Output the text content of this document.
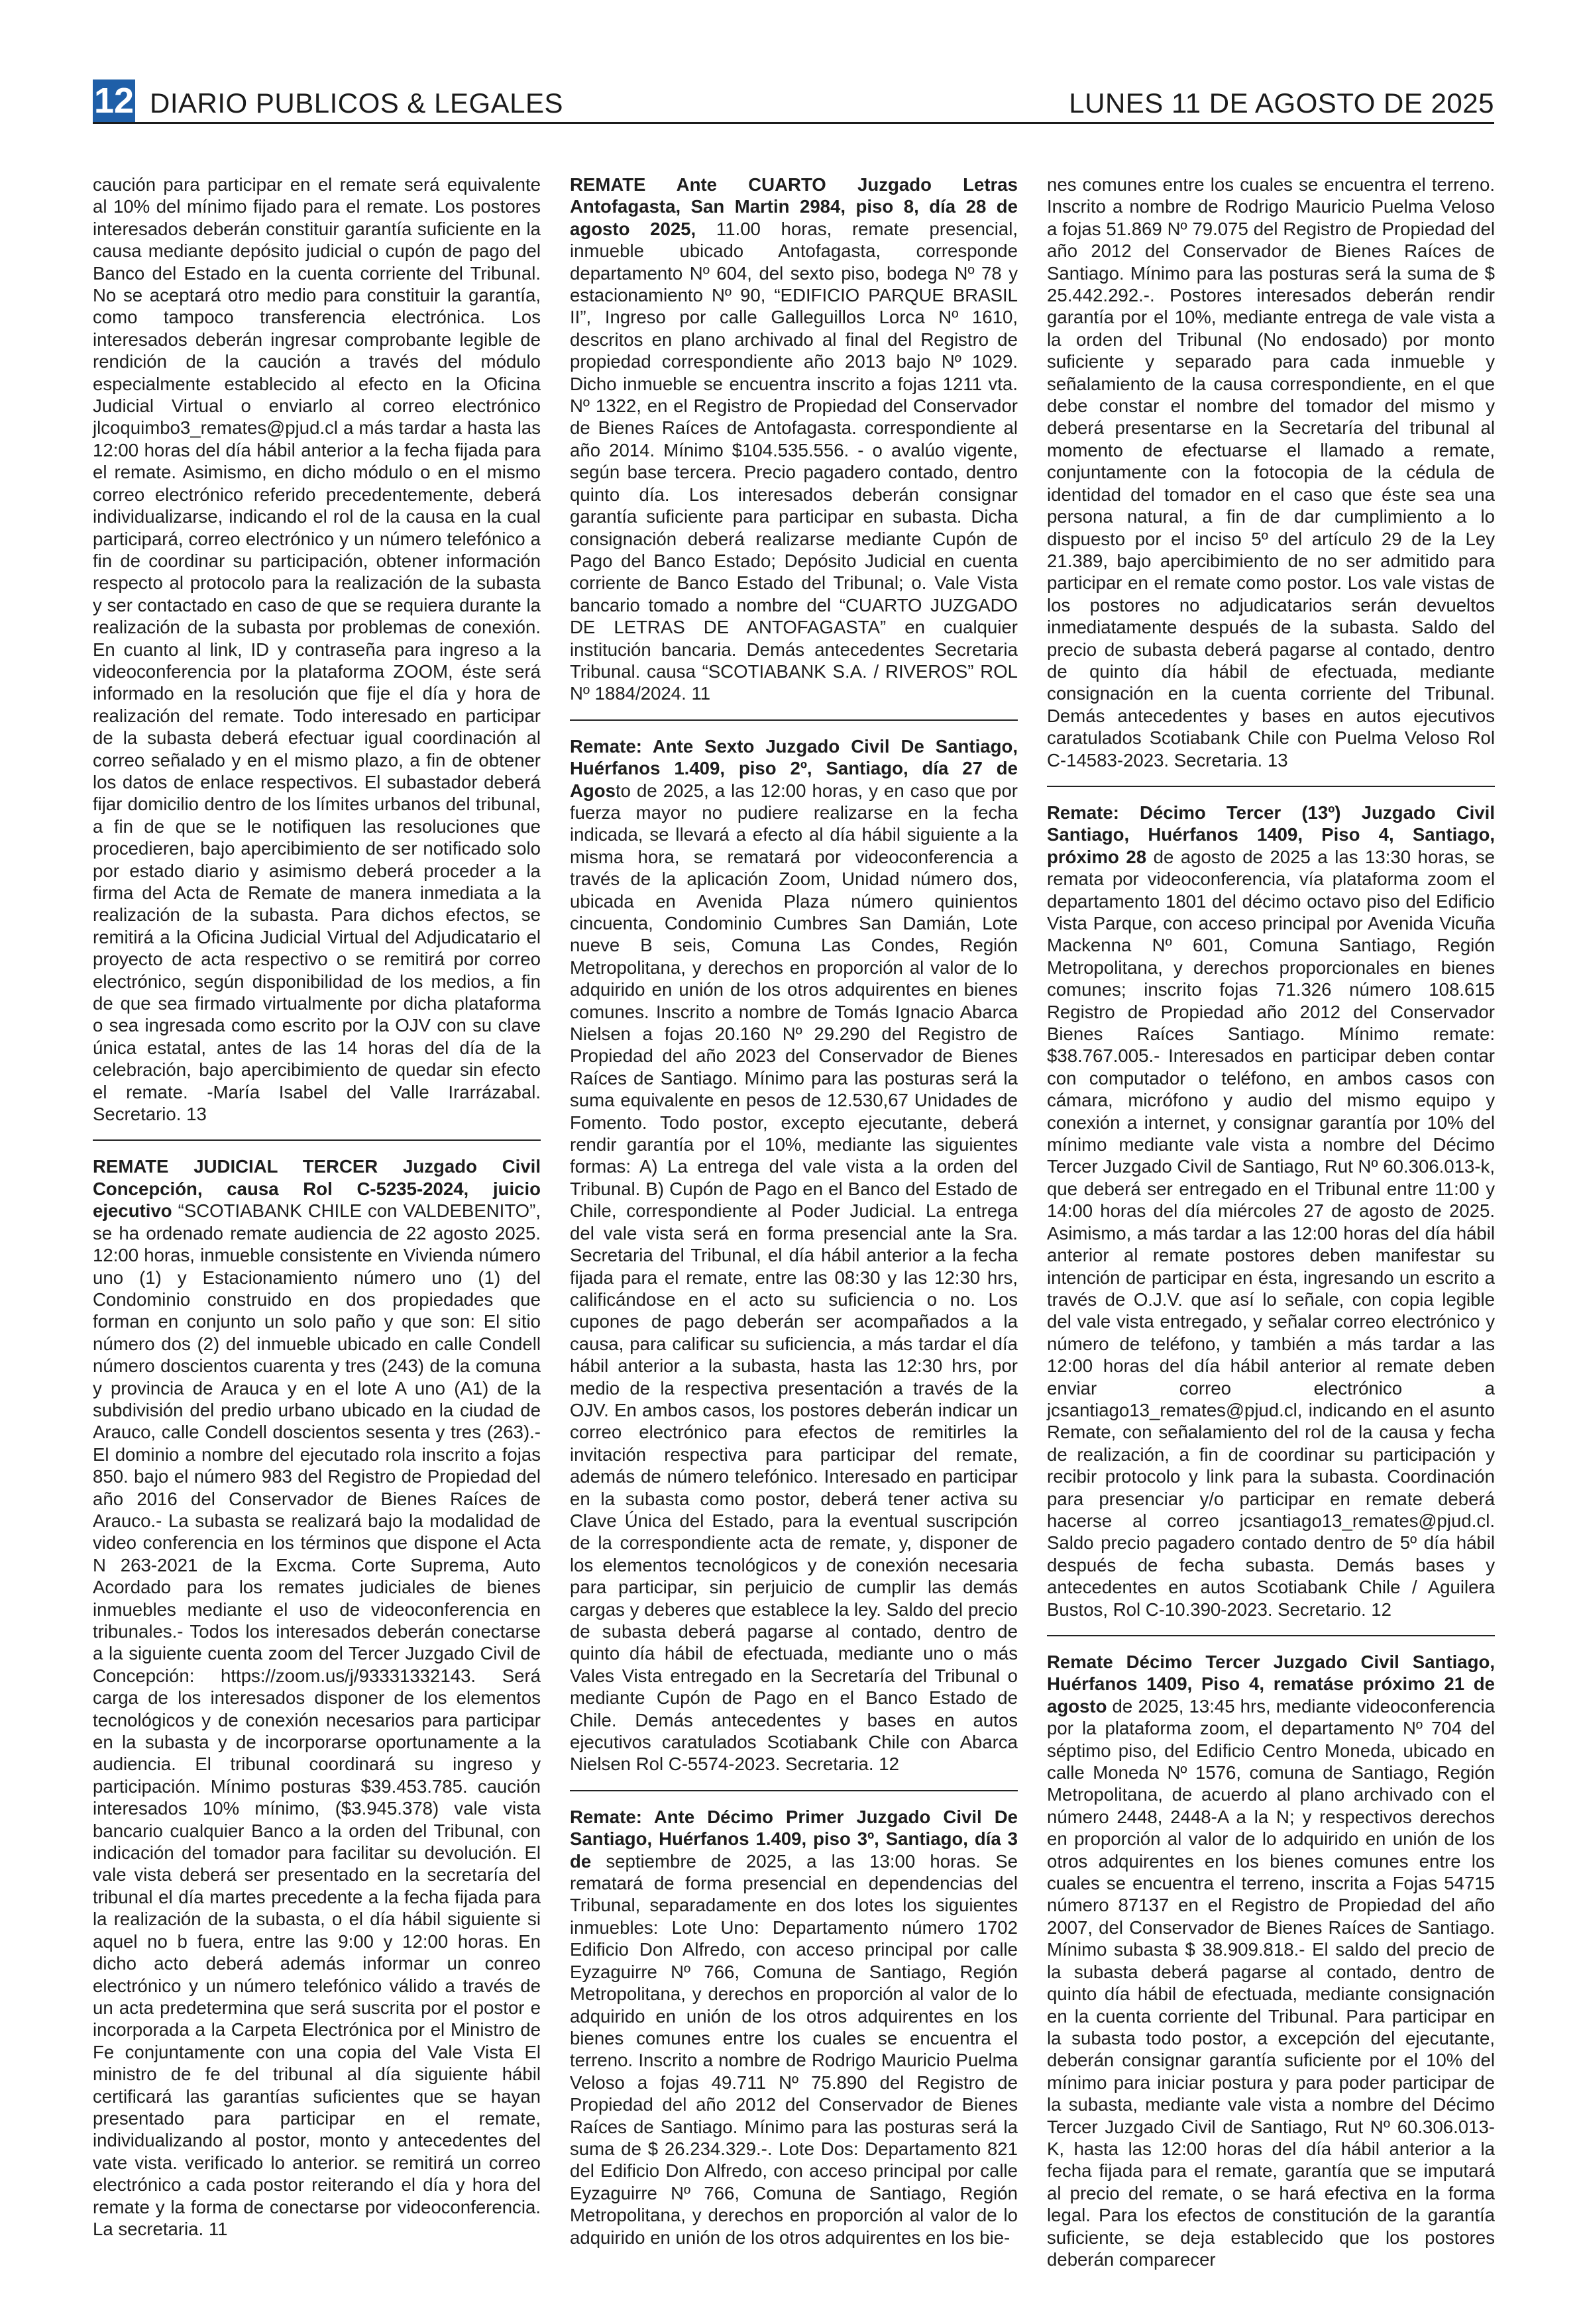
12 DIARIO PUBLICOS & LEGALES	LUNES 11 DE AGOSTO DE 2025

caución para participar en el remate será equivalente al 10% del mínimo fijado para el remate. Los postores interesados deberán constituir garantía suficiente en la causa mediante depósito judicial o cupón de pago del Banco del Estado en la cuenta corriente del Tribunal. No se aceptará otro medio para constituir la garantía, como tampoco transferencia electrónica. Los interesados deberán ingresar comprobante legible de rendición de la caución a través del módulo especialmente establecido al efecto en la Oficina Judicial Virtual o enviarlo al correo electrónico jlcoquimbo3_remates@pjud.cl a más tardar a hasta las 12:00 horas del día hábil anterior a la fecha fijada para el remate. Asimismo, en dicho módulo o en el mismo correo electrónico referido precedentemente, deberá individualizarse, indicando el rol de la causa en la cual participará, correo electrónico y un número telefónico a fin de coordinar su participación, obtener información respecto al protocolo para la realización de la subasta y ser contactado en caso de que se requiera durante la realización de la subasta por problemas de conexión. En cuanto al link, ID y contraseña para ingreso a la videoconferencia por la plataforma ZOOM, éste será informado en la resolución que fije el día y hora de realización del remate. Todo interesado en participar de la subasta deberá efectuar igual coordinación al correo señalado y en el mismo plazo, a fin de obtener los datos de enlace respectivos. El subastador deberá fijar domicilio dentro de los límites urbanos del tribunal, a fin de que se le notifiquen las resoluciones que procedieren, bajo apercibimiento de ser notificado solo por estado diario y asimismo deberá proceder a la firma del Acta de Remate de manera inmediata a la realización de la subasta. Para dichos efectos, se remitirá a la Oficina Judicial Virtual del Adjudicatario el proyecto de acta respectivo o se remitirá por correo electrónico, según disponibilidad de los medios, a fin de que sea firmado virtualmente por dicha plataforma o sea ingresada como escrito por la OJV con su clave única estatal, antes de las 14 horas del día de la celebración, bajo apercibimiento de quedar sin efecto el remate. -María Isabel del Valle Irarrázabal. Secretario. 13

REMATE JUDICIAL TERCER Juzgado Civil Concepción, causa Rol C-5235-2024, juicio ejecutivo “SCOTIABANK CHILE con VALDEBENITO”, se ha ordenado remate audiencia de 22 agosto 2025. 12:00 horas, inmueble consistente en Vivienda número uno (1) y Estacionamiento número uno (1) del Condominio construido en dos propiedades que forman en conjunto un solo paño y que son: El sitio número dos (2) del inmueble ubicado en calle Condell número doscientos cuarenta y tres (243) de la comuna y provincia de Arauca y en el lote A uno (A1) de la subdivisión del predio urbano ubicado en la ciudad de Arauco, calle Condell doscientos sesenta y tres (263).- El dominio a nombre del ejecutado rola inscrito a fojas 850. bajo el número 983 del Registro de Propiedad del año 2016 del Conservador de Bienes Raíces de Arauco.- La subasta se realizará bajo la modalidad de video conferencia en los términos que dispone el Acta N 263-2021 de la Excma. Corte Suprema, Auto Acordado para los remates judiciales de bienes inmuebles mediante el uso de videoconferencia en tribunales.- Todos los interesados deberán conectarse a la siguiente cuenta zoom del Tercer Juzgado Civil de Concepción: https://zoom.us/j/93331332143. Será carga de los interesados disponer de los elementos tecnológicos y de conexión necesarios para participar en la subasta y de incorporarse oportunamente a la audiencia. El tribunal coordinará su ingreso y participación. Mínimo posturas $39.453.785. caución interesados 10% mínimo, ($3.945.378) vale vista bancario cualquier Banco a la orden del Tribunal, con indicación del tomador para facilitar su devolución. El vale vista deberá ser presentado en la secretaría del tribunal el día martes precedente a la fecha fijada para la realización de la subasta, o el día hábil siguiente si aquel no b fuera, entre las 9:00 y 12:00 horas. En dicho acto deberá además informar un conreo electrónico y un número telefónico válido a través de un acta predetermina que será suscrita por el postor e incorporada a la Carpeta Electrónica por el Ministro de Fe conjuntamente con una copia del Vale Vista El ministro de fe del tribunal al día siguiente hábil certificará las garantías suficientes que se hayan presentado para participar en el remate, individualizando al postor, monto y antecedentes del vate vista. verificado lo anterior. se remitirá un correo electrónico a cada postor reiterando el día y hora del remate y la forma de conectarse por videoconferencia. La secretaria. 11

REMATE Ante CUARTO Juzgado Letras Antofagasta, San Martin 2984, piso 8, día 28 de agosto 2025, 11.00 horas, remate presencial, inmueble ubicado Antofagasta, corresponde departamento Nº 604, del sexto piso, bodega Nº 78 y estacionamiento Nº 90, “EDIFICIO PARQUE BRASIL II”, Ingreso por calle Galleguillos Lorca Nº 1610, descritos en plano archivado al final del Registro de propiedad correspondiente año 2013 bajo Nº 1029. Dicho inmueble se encuentra inscrito a fojas 1211 vta. Nº 1322, en el Registro de Propiedad del Conservador de Bienes Raíces de Antofagasta. correspondiente al año 2014. Mínimo $104.535.556. - o avalúo vigente, según base tercera. Precio pagadero contado, dentro quinto día. Los interesados deberán consignar garantía suficiente para participar en subasta. Dicha consignación deberá realizarse mediante Cupón de Pago del Banco Estado; Depósito Judicial en cuenta corriente de Banco Estado del Tribunal; o. Vale Vista bancario tomado a nombre del “CUARTO JUZGADO DE LETRAS DE ANTOFAGASTA” en cualquier institución bancaria. Demás antecedentes Secretaria Tribunal. causa “SCOTIABANK S.A. / RIVEROS” ROL Nº 1884/2024. 11

Remate: Ante Sexto Juzgado Civil De Santiago, Huérfanos 1.409, piso 2º, Santiago, día 27 de Agosto de 2025, a las 12:00 horas, y en caso que por fuerza mayor no pudiere realizarse en la fecha indicada, se llevará a efecto al día hábil siguiente a la misma hora, se rematará por videoconferencia a través de la aplicación Zoom, Unidad número dos, ubicada en Avenida Plaza número quinientos cincuenta, Condominio Cumbres San Damián, Lote nueve B seis, Comuna Las Condes, Región Metropolitana, y derechos en proporción al valor de lo adquirido en unión de los otros adquirentes en bienes comunes. Inscrito a nombre de Tomás Ignacio Abarca Nielsen a fojas 20.160 Nº 29.290 del Registro de Propiedad del año 2023 del Conservador de Bienes Raíces de Santiago. Mínimo para las posturas será la suma equivalente en pesos de 12.530,67 Unidades de Fomento. Todo postor, excepto ejecutante, deberá rendir garantía por el 10%, mediante las siguientes formas: A) La entrega del vale vista a la orden del Tribunal. B) Cupón de Pago en el Banco del Estado de Chile, correspondiente al Poder Judicial. La entrega del vale vista será en forma presencial ante la Sra. Secretaria del Tribunal, el día hábil anterior a la fecha fijada para el remate, entre las 08:30 y las 12:30 hrs, calificándose en el acto su suficiencia o no. Los cupones de pago deberán ser acompañados a la causa, para calificar su suficiencia, a más tardar el día hábil anterior a la subasta, hasta las 12:30 hrs, por medio de la respectiva presentación a través de la OJV. En ambos casos, los postores deberán indicar un correo electrónico para efectos de remitirles la invitación respectiva para participar del remate, además de número telefónico. Interesado en participar en la subasta como postor, deberá tener activa su Clave Única del Estado, para la eventual suscripción de la correspondiente acta de remate, y, disponer de los elementos tecnológicos y de conexión necesaria para participar, sin perjuicio de cumplir las demás cargas y deberes que establece la ley. Saldo del precio de subasta deberá pagarse al contado, dentro de quinto día hábil de efectuada, mediante uno o más Vales Vista entregado en la Secretaría del Tribunal o mediante Cupón de Pago en el Banco Estado de Chile. Demás antecedentes y bases en autos ejecutivos caratulados Scotiabank Chile con Abarca Nielsen Rol C-5574-2023. Secretaria. 12

Remate: Ante Décimo Primer Juzgado Civil De Santiago, Huérfanos 1.409, piso 3º, Santiago, día 3 de septiembre de 2025, a las 13:00 horas. Se rematará de forma presencial en dependencias del Tribunal, separadamente en dos lotes los siguientes inmuebles: Lote Uno: Departamento número 1702 Edificio Don Alfredo, con acceso principal por calle Eyzaguirre Nº 766, Comuna de Santiago, Región Metropolitana, y derechos en proporción al valor de lo adquirido en unión de los otros adquirentes en los bienes comunes entre los cuales se encuentra el terreno. Inscrito a nombre de Rodrigo Mauricio Puelma Veloso a fojas 49.711 Nº 75.890 del Registro de Propiedad del año 2012 del Conservador de Bienes Raíces de Santiago. Mínimo para las posturas será la suma de $ 26.234.329.-. Lote Dos: Departamento 821 del Edificio Don Alfredo, con acceso principal por calle Eyzaguirre Nº 766, Comuna de Santiago, Región Metropolitana, y derechos en proporción al valor de lo adquirido en unión de los otros adquirentes en los bie-

nes comunes entre los cuales se encuentra el terreno. Inscrito a nombre de Rodrigo Mauricio Puelma Veloso a fojas 51.869 Nº 79.075 del Registro de Propiedad del año 2012 del Conservador de Bienes Raíces de Santiago. Mínimo para las posturas será la suma de $ 25.442.292.-. Postores interesados deberán rendir garantía por el 10%, mediante entrega de vale vista a la orden del Tribunal (No endosado) por monto suficiente y separado para cada inmueble y señalamiento de la causa correspondiente, en el que debe constar el nombre del tomador del mismo y deberá presentarse en la Secretaría del tribunal al momento de efectuarse el llamado a remate, conjuntamente con la fotocopia de la cédula de identidad del tomador en el caso que éste sea una persona natural, a fin de dar cumplimiento a lo dispuesto por el inciso 5º del artículo 29 de la Ley 21.389, bajo apercibimiento de no ser admitido para participar en el remate como postor. Los vale vistas de los postores no adjudicatarios serán devueltos inmediatamente después de la subasta. Saldo del precio de subasta deberá pagarse al contado, dentro de quinto día hábil de efectuada, mediante consignación en la cuenta corriente del Tribunal. Demás antecedentes y bases en autos ejecutivos caratulados Scotiabank Chile con Puelma Veloso Rol C-14583-2023. Secretaria. 13

Remate: Décimo Tercer (13º) Juzgado Civil Santiago, Huérfanos 1409, Piso 4, Santiago, próximo 28 de agosto de 2025 a las 13:30 horas, se remata por videoconferencia, vía plataforma zoom el departamento 1801 del décimo octavo piso del Edificio Vista Parque, con acceso principal por Avenida Vicuña Mackenna Nº 601, Comuna Santiago, Región Metropolitana, y derechos proporcionales en bienes comunes; inscrito fojas 71.326 número 108.615 Registro de Propiedad año 2012 del Conservador Bienes Raíces Santiago. Mínimo remate: $38.767.005.- Interesados en participar deben contar con computador o teléfono, en ambos casos con cámara, micrófono y audio del mismo equipo y conexión a internet, y consignar garantía por 10% del mínimo mediante vale vista a nombre del Décimo Tercer Juzgado Civil de Santiago, Rut Nº 60.306.013-k, que deberá ser entregado en el Tribunal entre 11:00 y 14:00 horas del día miércoles 27 de agosto de 2025. Asimismo, a más tardar a las 12:00 horas del día hábil anterior al remate postores deben manifestar su intención de participar en ésta, ingresando un escrito a través de O.J.V. que así lo señale, con copia legible del vale vista entregado, y señalar correo electrónico y número de teléfono, y también a más tardar a las 12:00 horas del día hábil anterior al remate deben enviar correo electrónico a jcsantiago13_remates@pjud.cl, indicando en el asunto Remate, con señalamiento del rol de la causa y fecha de realización, a fin de coordinar su participación y recibir protocolo y link para la subasta. Coordinación para presenciar y/o participar en remate deberá hacerse al correo jcsantiago13_remates@pjud.cl. Saldo precio pagadero contado dentro de 5º día hábil después de fecha subasta. Demás bases y antecedentes en autos Scotiabank Chile / Aguilera Bustos, Rol C-10.390-2023. Secretario. 12

Remate Décimo Tercer Juzgado Civil Santiago, Huérfanos 1409, Piso 4, rematáse próximo 21 de agosto de 2025, 13:45 hrs, mediante videoconferencia por la plataforma zoom, el departamento Nº 704 del séptimo piso, del Edificio Centro Moneda, ubicado en calle Moneda Nº 1576, comuna de Santiago, Región Metropolitana, de acuerdo al plano archivado con el número 2448, 2448-A a la N; y respectivos derechos en proporción al valor de lo adquirido en unión de los otros adquirentes en los bienes comunes entre los cuales se encuentra el terreno, inscrita a Fojas 54715 número 87137 en el Registro de Propiedad del año 2007, del Conservador de Bienes Raíces de Santiago. Mínimo subasta $ 38.909.818.- El saldo del precio de la subasta deberá pagarse al contado, dentro de quinto día hábil de efectuada, mediante consignación en la cuenta corriente del Tribunal. Para participar en la subasta todo postor, a excepción del ejecutante, deberán consignar garantía suficiente por el 10% del mínimo para iniciar postura y para poder participar de la subasta, mediante vale vista a nombre del Décimo Tercer Juzgado Civil de Santiago, Rut Nº 60.306.013-K, hasta las 12:00 horas del día hábil anterior a la fecha fijada para el remate, garantía que se imputará al precio del remate, o se hará efectiva en la forma legal. Para los efectos de constitución de la garantía suficiente, se deja establecido que los postores deberán comparecer
